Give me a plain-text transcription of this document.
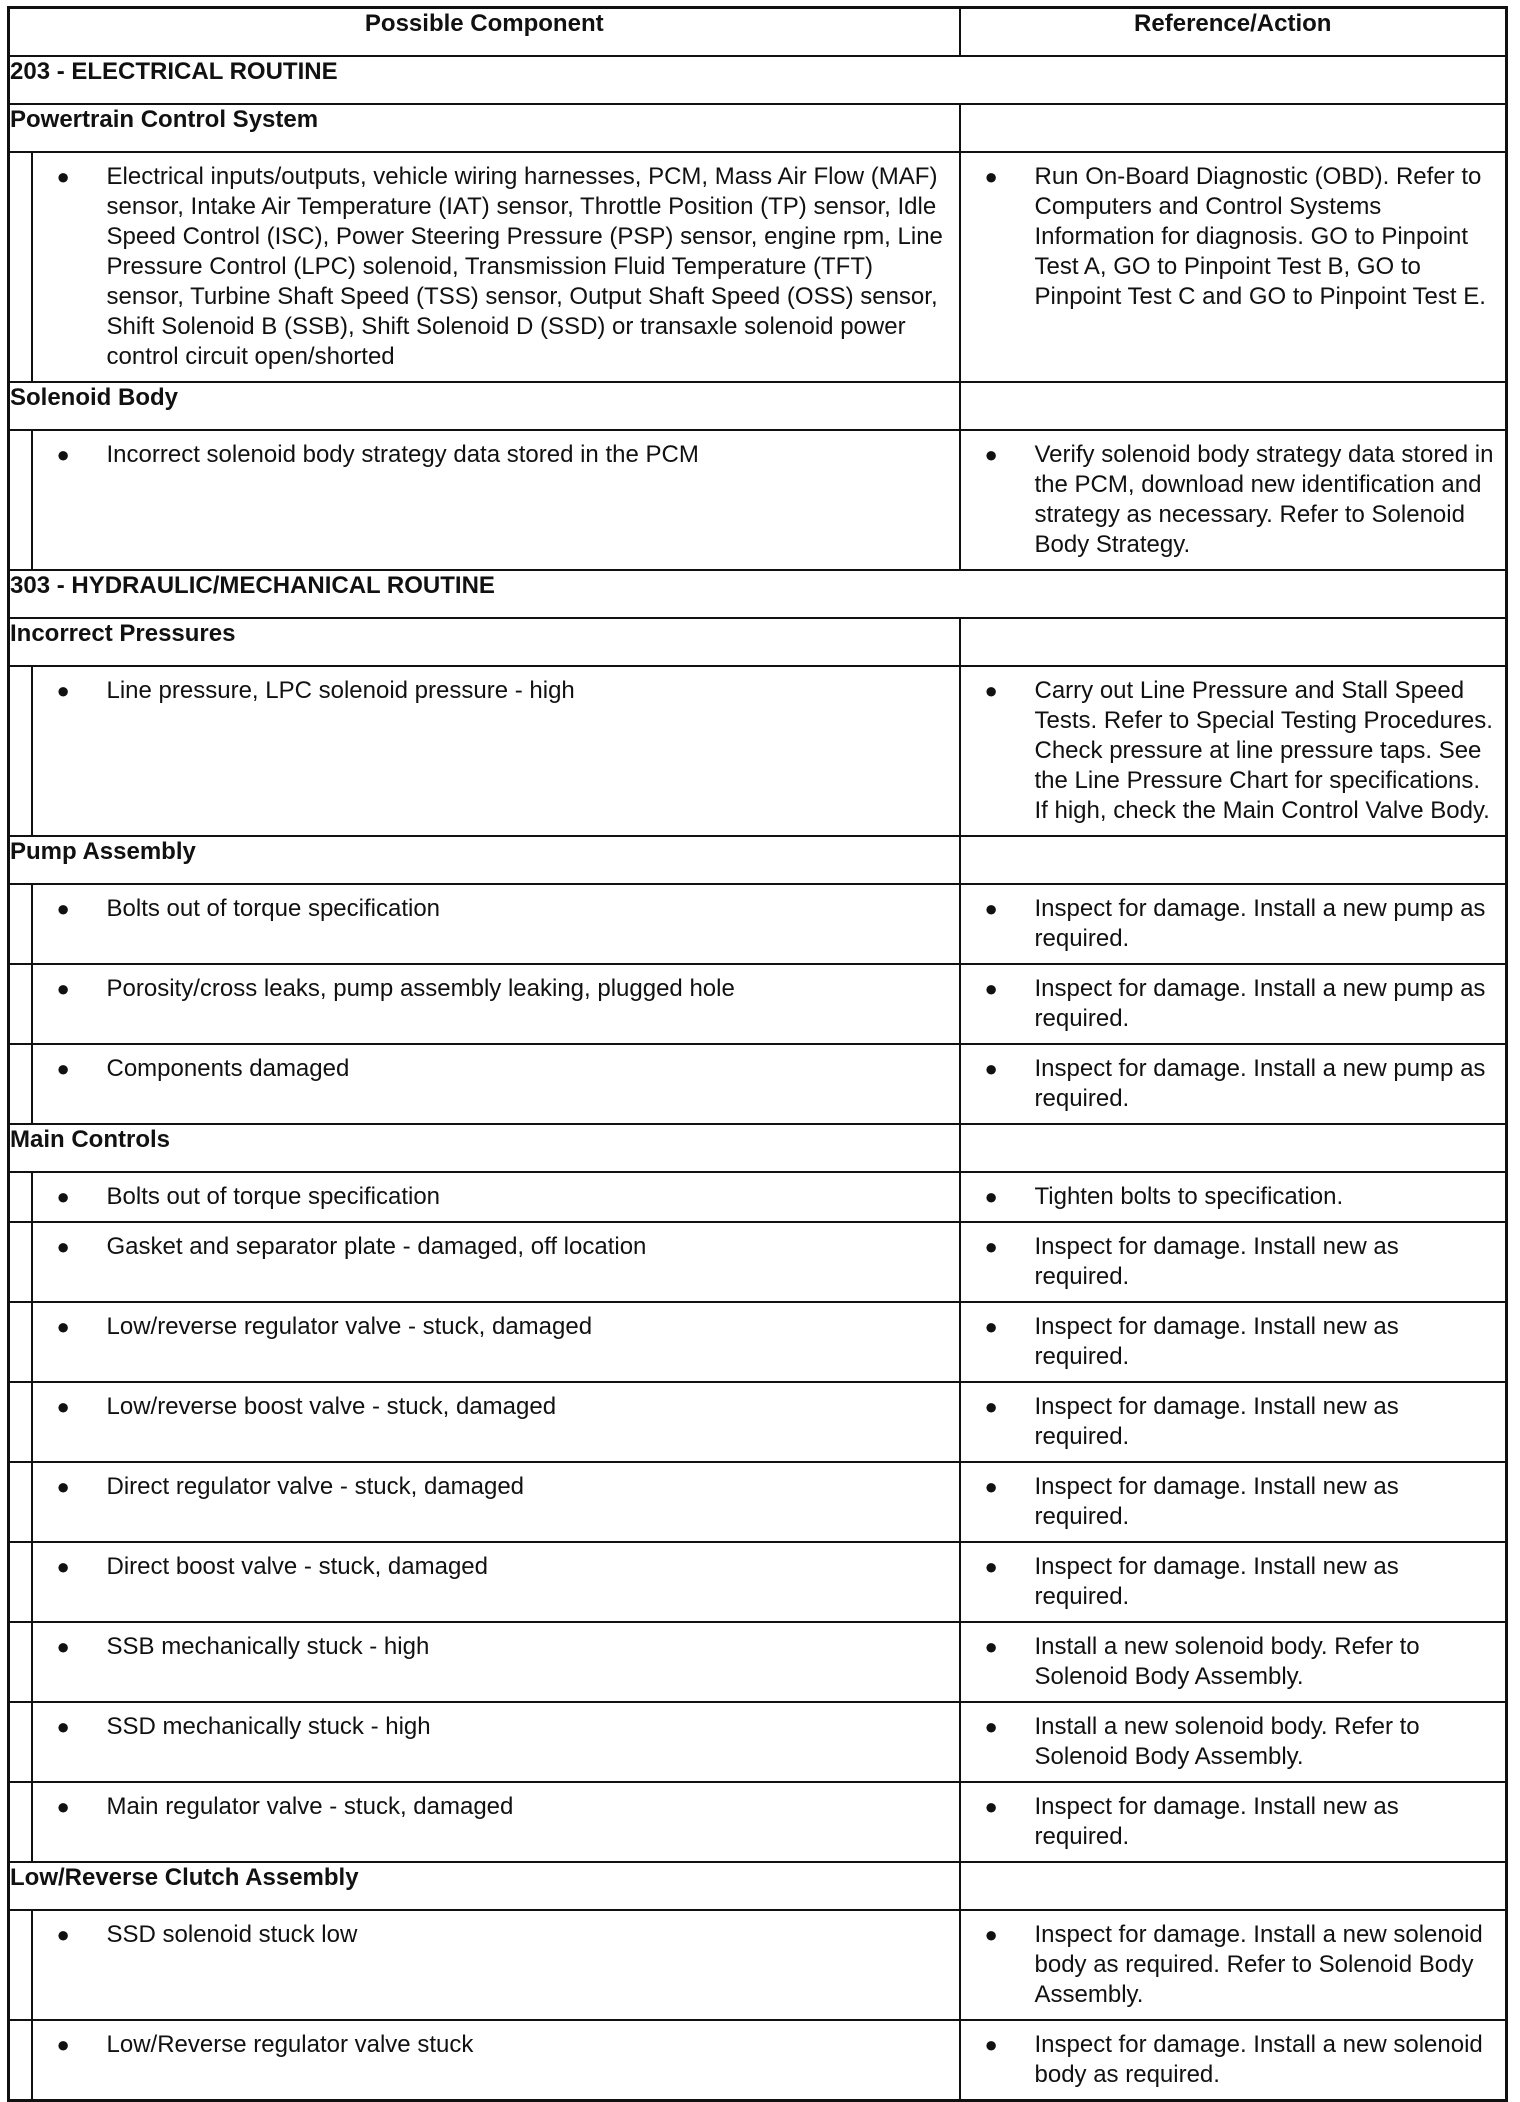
Possible Component		Reference/Action
203 - ELECTRICAL ROUTINE		
Powertrain Control System		

	● Electrical inputs/outputs, vehicle wiring harnesses, PCM, Mass Air Flow (MAF) sensor, Intake Air Temperature (IAT) sensor, Throttle Position (TP) sensor, Idle Speed Control (ISC), Power Steering Pressure (PSP) sensor, engine rpm, Line Pressure Control (LPC) solenoid, Transmission Fluid Temperature (TFT) sensor, Turbine Shaft Speed (TSS) sensor, Output Shaft Speed (OSS) sensor, Shift Solenoid B (SSB), Shift Solenoid D (SSD) or transaxle solenoid power control circuit open/shorted	● Run On-Board Diagnostic (OBD). Refer to Computers and Control Systems Information for diagnosis. GO to Pinpoint Test A, GO to Pinpoint Test B, GO to Pinpoint Test C and GO to Pinpoint Test E.

Solenoid Body		

	● Incorrect solenoid body strategy data stored in the PCM	● Verify solenoid body strategy data stored in the PCM, download new identification and strategy as necessary. Refer to Solenoid Body Strategy.

303 - HYDRAULIC/MECHANICAL ROUTINE		
Incorrect Pressures		

	● Line pressure, LPC solenoid pressure - high	● Carry out Line Pressure and Stall Speed Tests. Refer to Special Testing Procedures. Check pressure at line pressure taps. See the Line Pressure Chart for specifications. If high, check the Main Control Valve Body.

Pump Assembly		

	● Bolts out of torque specification	● Inspect for damage. Install a new pump as required.

	● Porosity/cross leaks, pump assembly leaking, plugged hole	● Inspect for damage. Install a new pump as required.

	● Components damaged	● Inspect for damage. Install a new pump as required.

Main Controls		

	● Bolts out of torque specification	● Tighten bolts to specification.

	● Gasket and separator plate - damaged, off location	● Inspect for damage. Install new as required.

	● Low/reverse regulator valve - stuck, damaged	● Inspect for damage. Install new as required.

	● Low/reverse boost valve - stuck, damaged	● Inspect for damage. Install new as required.

	● Direct regulator valve - stuck, damaged	● Inspect for damage. Install new as required.

	● Direct boost valve - stuck, damaged	● Inspect for damage. Install new as required.

	● SSB mechanically stuck - high	● Install a new solenoid body. Refer to Solenoid Body Assembly.

	● SSD mechanically stuck - high	● Install a new solenoid body. Refer to Solenoid Body Assembly.

	● Main regulator valve - stuck, damaged	● Inspect for damage. Install new as required.

Low/Reverse Clutch Assembly		

	● SSD solenoid stuck low	● Inspect for damage. Install a new solenoid body as required. Refer to Solenoid Body Assembly.

	● Low/Reverse regulator valve stuck	● Inspect for damage. Install a new solenoid body as required.
